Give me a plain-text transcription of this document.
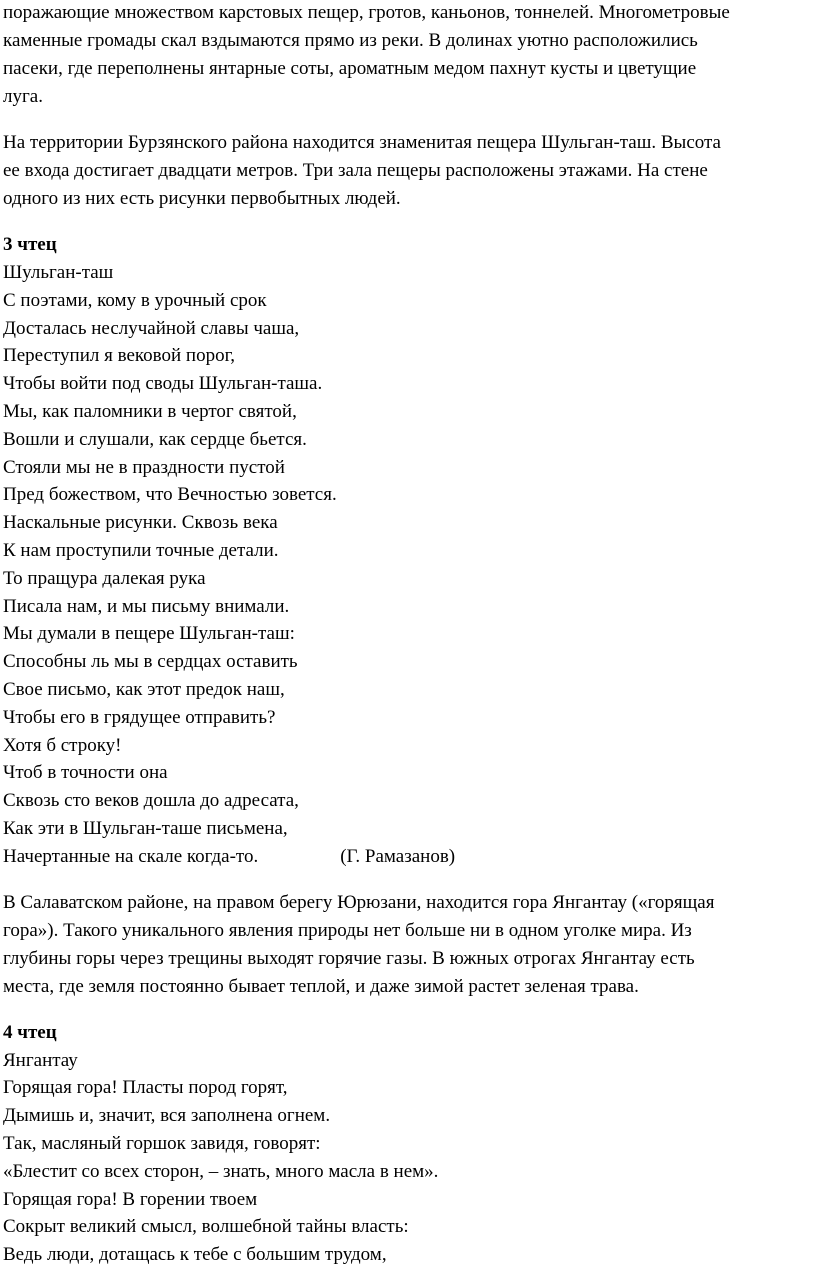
поражающие множеством карстовых пещер, гротов, каньонов, тоннелей. Многометровые
каменные громады скал вздымаются прямо из реки. В долинах уютно расположились
пасеки, где переполнены янтарные соты, ароматным медом пахнут кусты и цветущие
луга.
На территории Бурзянского района находится знаменитая пещера Шульган-таш. Высота
ее входа достигает двадцати метров. Три зала пещеры расположены этажами. На стене
одного из них есть рисунки первобытных людей.

3 чтец

Шульган-таш

С поэтами, кому в урочный срок

Досталась неслучайной славы чаша,

Переступил я вековой порог,

Чтобы войти под своды Шульган-таша.

Мы, как паломники в чертог святой,

Вошли и слушали, как сердце бьется.

Стояли мы не в праздности пустой

Пред божеством, что Вечностью зовется.

Наскальные рисунки. Сквозь века

К нам проступили точные детали.

То пращура далекая рука

Писала нам, и мы письму внимали.

Мы думали в пещере Шульган-таш:

Способны ль мы в сердцах оставить

Свое письмо, как этот предок наш,

Чтобы его в грядущее отправить?

Хотя б строку!

Чтоб в точности она

Сквозь сто веков дошла до адресата,

Как эти в Шульган-таше письмена,

Начертанные на скале когда-то.	(Г. Рамазанов)

В Салаватском районе, на правом берегу Юрюзани, находится гора Янгантау («горящая
гора»). Такого уникального явления природы нет больше ни в одном уголке мира. Из
глубины горы через трещины выходят горячие газы. В южных отрогах Янгантау есть
места, где земля постоянно бывает теплой, и даже зимой растет зеленая трава.

4 чтец

Янгантау

Горящая гора! Пласты пород горят,

Дымишь и, значит, вся заполнена огнем.

Так, масляный горшок завидя, говорят:

«Блестит со всех сторон, – знать, много масла в нем».

Горящая гора! В горении твоем

Сокрыт великий смысл, волшебной тайны власть:

Ведь люди, дотащась к тебе с большим трудом,
